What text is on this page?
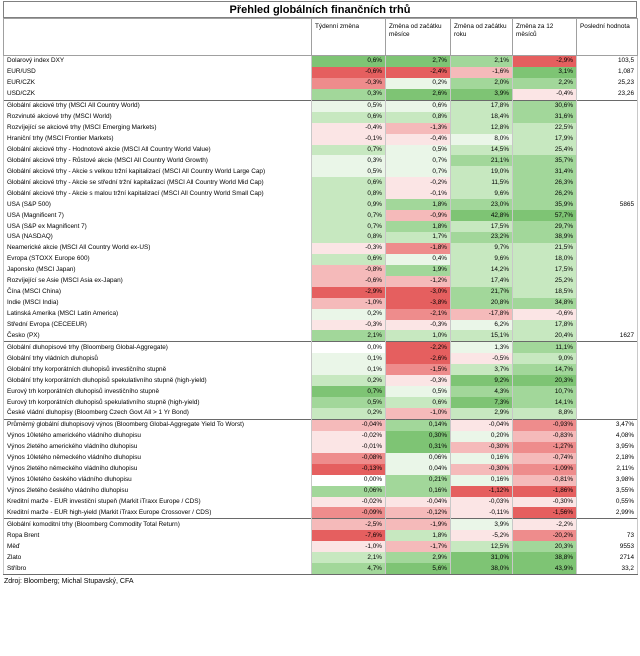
Přehled globálních finančních trhů
	Týdenní změna	Změna od začátku měsíce	Změna od začátku roku	Změna za 12 měsíců	Poslední hodnota
Dolarový index DXY	0,6%	2,7%	2,1%	-2,9%	103,5
EUR/USD	-0,6%	-2,4%	-1,6%	3,1%	1,087
EUR/CZK	-0,3%	0,2%	2,0%	2,2%	25,23
USD/CZK	0,3%	2,6%	3,9%	-0,4%	23,26
Globální akciové trhy (MSCI All Country World)	0,5%	0,6%	17,8%	30,6%	
Rozvinuté akciové trhy (MSCI World)	0,6%	0,8%	18,4%	31,6%	
Rozvíjející se akciové trhy (MSCI Emerging Markets)	-0,4%	-1,3%	12,8%	22,5%	
Hraniční trhy (MSCI Frontier Markets)	-0,1%	-0,4%	8,0%	17,9%	
Globální akciové trhy - Hodnotové akcie (MSCI All Country World Value)	0,7%	0,5%	14,5%	25,4%	
Globální akciové trhy - Růstové akcie (MSCI All Country World Growth)	0,3%	0,7%	21,1%	35,7%	
Globální akciové trhy - Akcie s velkou tržní kapitalizací (MSCI All Country World Large Cap)	0,5%	0,7%	19,0%	31,4%	
Globální akciové trhy - Akcie se střední tržní kapitalizací (MSCI All Country World Mid Cap)	0,6%	-0,2%	11,5%	26,3%	
Globální akciové trhy - Akcie s malou tržní kapitalizací (MSCI All Country World Small Cap)	0,8%	-0,1%	9,6%	26,2%	
USA (S&P 500)	0,9%	1,8%	23,0%	35,9%	5865
USA (Magnificent 7)	0,7%	-0,9%	42,8%	57,7%	
USA (S&P ex Magnificent 7)	0,7%	1,8%	17,5%	29,7%	
USA (NASDAQ)	0,8%	1,7%	23,2%	38,9%	
Neamerické akcie (MSCI All Country World ex-US)	-0,3%	-1,8%	9,7%	21,5%	
Evropa (STOXX Europe 600)	0,6%	0,4%	9,6%	18,0%	
Japonsko (MSCI Japan)	-0,8%	1,9%	14,2%	17,5%	
Rozvíjející se Asie (MSCI Asia ex-Japan)	-0,6%	-1,2%	17,4%	25,2%	
Čína (MSCI China)	-2,9%	-3,0%	21,7%	18,5%	
Indie (MSCI India)	-1,0%	-3,8%	20,8%	34,8%	
Latinská Amerika (MSCI Latin America)	0,2%	-2,1%	-17,8%	-0,6%	
Střední Evropa (CECEEUR)	-0,3%	-0,3%	6,2%	17,8%	
Česko (PX)	2,1%	1,0%	15,1%	20,4%	1627
Globální dluhopisové trhy (Bloomberg Global-Aggregate)	0,0%	-2,2%	1,3%	11,1%	
Globální trhy vládních dluhopisů	0,1%	-2,6%	-0,5%	9,0%	
Globální trhy korporátních dluhopisů investičního stupně	0,1%	-1,5%	3,7%	14,7%	
Globální trhy korporátních dluhopisů spekulativního stupně (high-yield)	0,2%	-0,3%	9,2%	20,3%	
Eurový trh korporátních dluhopisů investičního stupně	0,7%	0,5%	4,3%	10,7%	
Eurový trh korporátních dluhopisů spekulativního stupně (high-yield)	0,5%	0,6%	7,3%	14,1%	
České vládní dluhopisy (Bloomberg Czech Govt All > 1 Yr Bond)	0,2%	-1,0%	2,9%	8,8%	
Průměrný globální dluhopisový výnos (Bloomberg Global-Aggregate Yield To Worst)	-0,04%	0,14%	-0,04%	-0,93%	3,47%
Výnos 10letého amerického vládního dluhopisu	-0,02%	0,30%	0,20%	-0,83%	4,08%
Výnos 2letého amerického vládního dluhopisu	-0,01%	0,31%	-0,30%	-1,27%	3,95%
Výnos 10letého německého vládního dluhopisu	-0,08%	0,06%	0,16%	-0,74%	2,18%
Výnos 2letého německého vládního dluhopisu	-0,13%	0,04%	-0,30%	-1,09%	2,11%
Výnos 10letého českého vládního dluhopisu	0,00%	0,21%	0,16%	-0,81%	3,98%
Výnos 2letého českého vládního dluhopisu	0,06%	0,16%	-1,12%	-1,86%	3,55%
Kreditní marže - EUR investiční stupeň (Markit iTraxx Europe / CDS)	-0,02%	-0,04%	-0,03%	-0,30%	0,55%
Kreditní marže - EUR high-yield (Markit iTraxx Europe Crossover / CDS)	-0,09%	-0,12%	-0,11%	-1,56%	2,99%
Globální komoditní trhy (Bloomberg Commodity Total Return)	-2,5%	-1,9%	3,9%	-2,2%	
Ropa Brent	-7,6%	1,8%	-5,2%	-20,2%	73
Měď	-1,0%	-1,7%	12,5%	20,3%	9553
Zlato	2,1%	2,9%	31,0%	38,8%	2714
Stříbro	4,7%	5,6%	38,0%	43,9%	33,2
Zdroj: Bloomberg; Michal Stupavský, CFA
